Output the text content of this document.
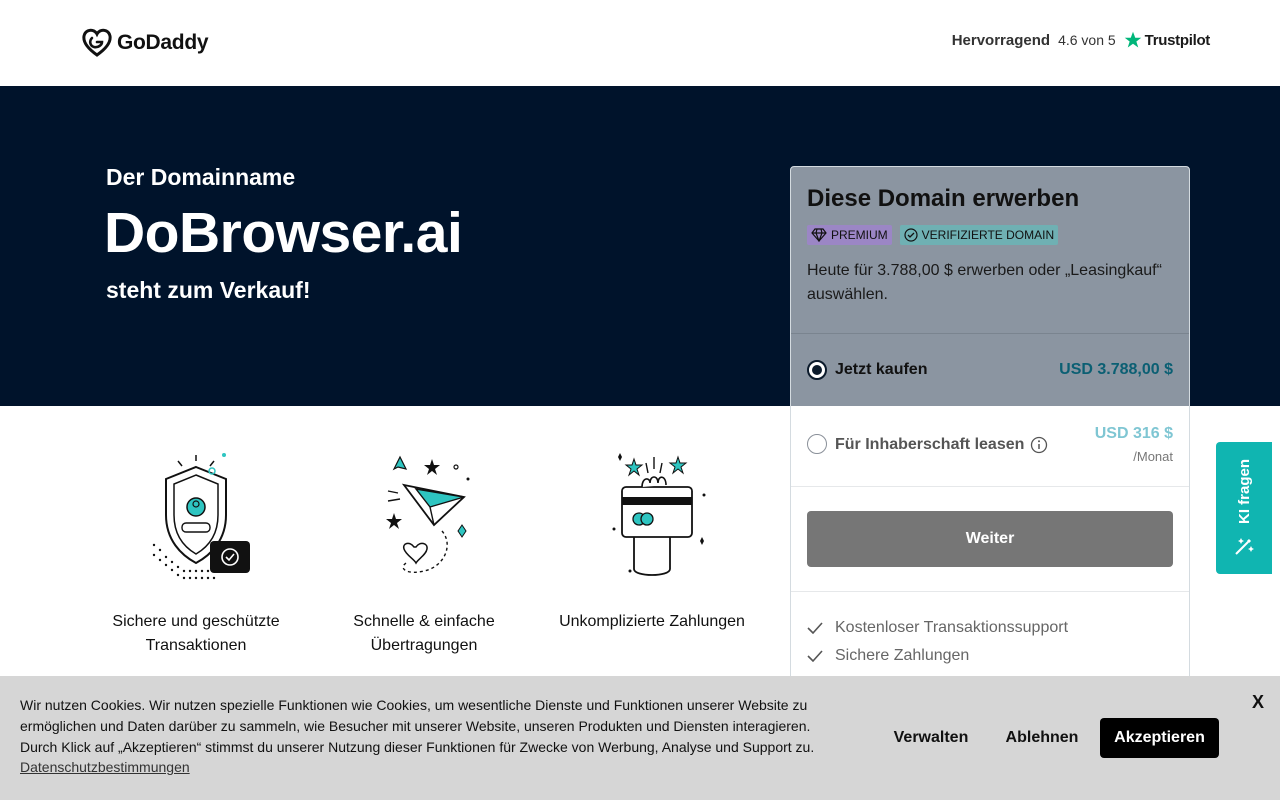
GoDaddy	Hervorragend 4.6 von 5 Trustpilot
Der Domainname
DoBrowser.ai
steht zum Verkauf!
Sichere und geschützte Transaktionen
Schnelle & einfache Übertragungen
Unkomplizierte Zahlungen
Diese Domain erwerben
PREMIUM	VERIFIZIERTE DOMAIN
Heute für 3.788,00 $ erwerben oder „Leasingkauf“ auswählen.
Jetzt kaufen	USD 3.788,00 $
Für Inhaberschaft leasen
USD 316 $
/Monat
Weiter
Kostenloser Transaktionssupport
Sichere Zahlungen
KI fragen
Wir nutzen Cookies. Wir nutzen spezielle Funktionen wie Cookies, um wesentliche Dienste und Funktionen unserer Website zu ermöglichen und Daten darüber zu sammeln, wie Besucher mit unserer Website, unseren Produkten und Diensten interagieren. Durch Klick auf „Akzeptieren“ stimmst du unserer Nutzung dieser Funktionen für Zwecke von Werbung, Analyse und Support zu.
Datenschutzbestimmungen
Verwalten	Ablehnen	Akzeptieren
X
